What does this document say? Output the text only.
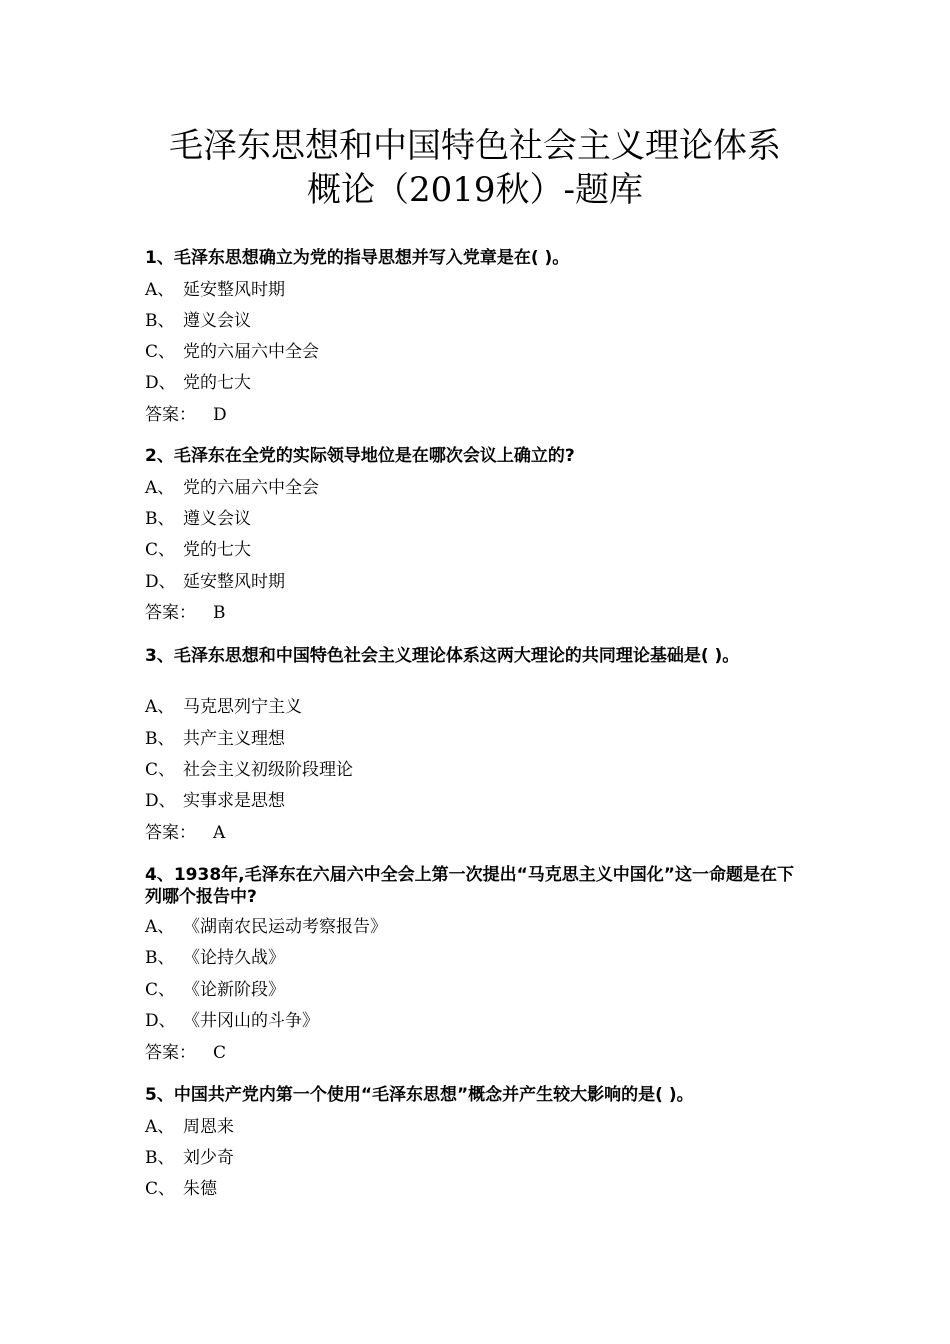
毛泽东思想和中国特色社会主义理论体系
概论（2019秋）-题库

1、毛泽东思想确立为党的指导思想并写入党章是在( )。

A、 延安整风时期
B、 遵义会议
C、 党的六届六中全会
D、 党的七大
答案： D

2、毛泽东在全党的实际领导地位是在哪次会议上确立的?

A、 党的六届六中全会
B、 遵义会议
C、 党的七大
D、 延安整风时期
答案： B

3、毛泽东思想和中国特色社会主义理论体系这两大理论的共同理论基础是( )。

A、 马克思列宁主义
B、 共产主义理想
C、 社会主义初级阶段理论
D、 实事求是思想
答案： A

4、1938年,毛泽东在六届六中全会上第一次提出“马克思主义中国化”这一命题是在下列哪个报告中?

A、 《湖南农民运动考察报告》
B、 《论持久战》
C、 《论新阶段》
D、 《井冈山的斗争》
答案： C

5、中国共产党内第一个使用“毛泽东思想”概念并产生较大影响的是( )。

A、 周恩来
B、 刘少奇
C、 朱德
